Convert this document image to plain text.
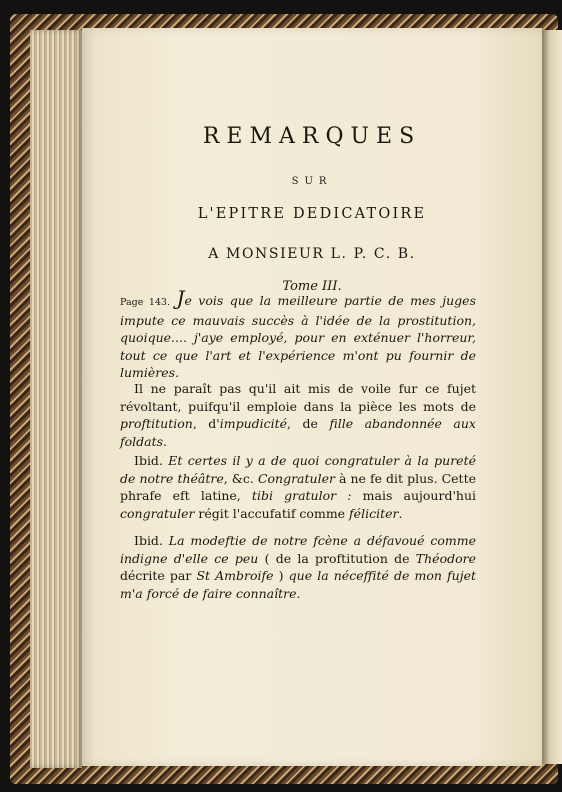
REMARQUES
SUR
L'EPITRE DEDICATOIRE
A MONSIEUR L. P. C. B.
Tome III.

Page 143. Je vois que la meilleure partie de mes juges impute ce mauvais succès à l'idée de la prostitution, quoique.... j'aye employé, pour en exténuer l'horreur, tout ce que l'art et l'expérience m'ont pu fournir de lumières.

Il ne paraît pas qu'il ait mis de voile fur ce fujet révoltant, puifqu'il emploie dans la pièce les mots de proftitution, d'impudicité, de fille abandonnée aux foldats.

Ibid. Et certes il y a de quoi congratuler à la pureté de notre théâtre, &c. Congratuler à ne fe dit plus. Cette phrafe eft latine, tibi gratulor : mais aujourd'hui congratuler régit l'accufatif comme féliciter.

Ibid. La modeftie de notre fcène a défavoué comme indigne d'elle ce peu ( de la proftitution de Théodore décrite par St Ambroife ) que la néceffité de mon fujet m'a forcé de faire connaître.
